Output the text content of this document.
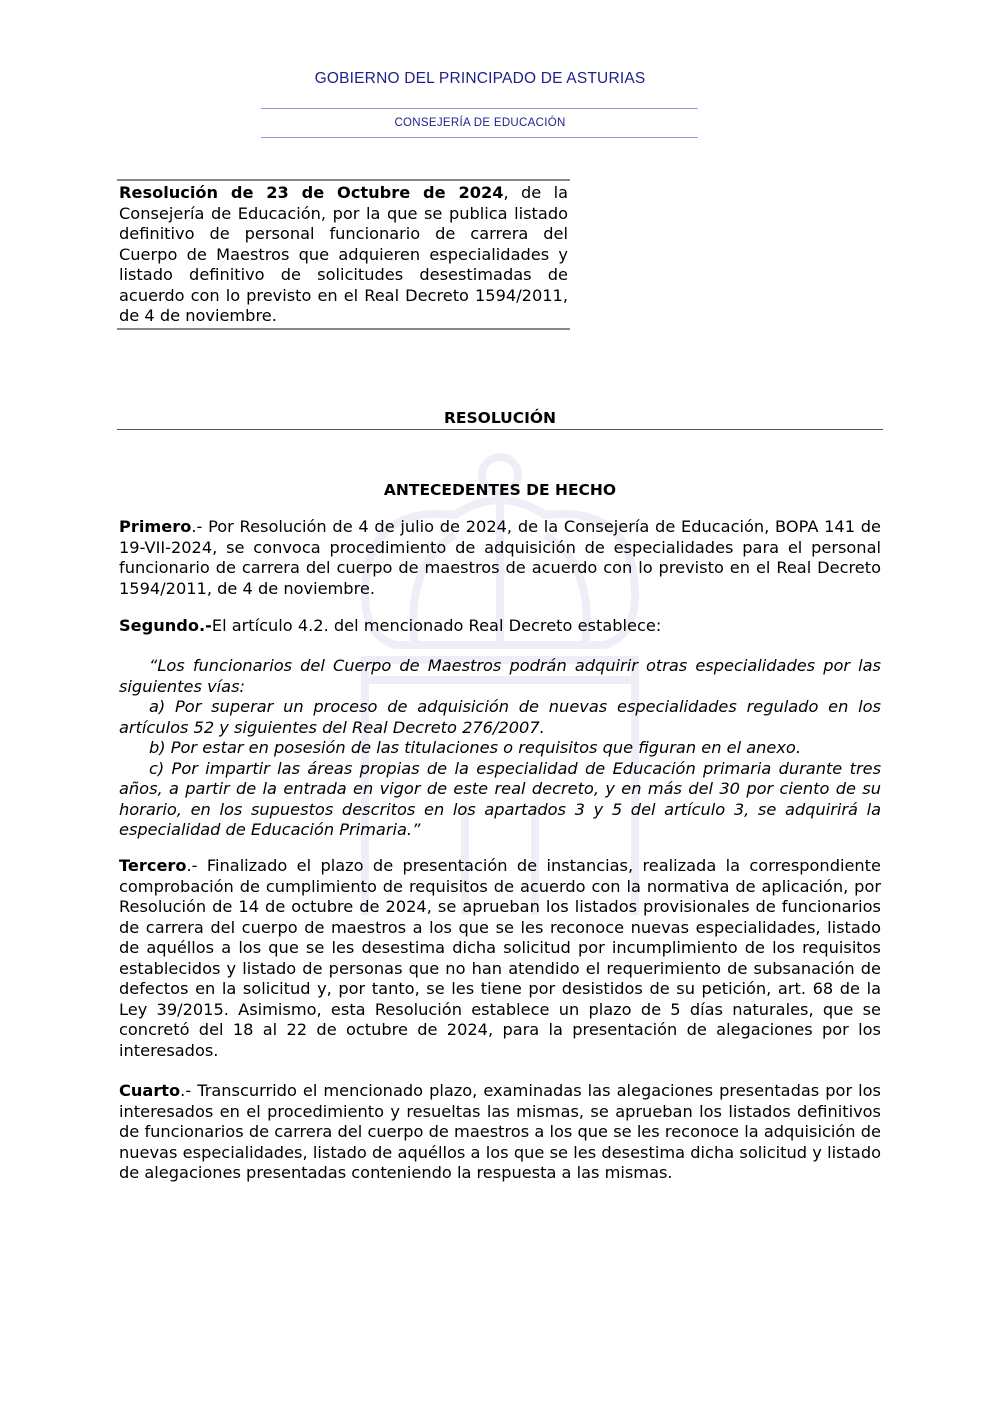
GOBIERNO DEL PRINCIPADO DE ASTURIAS
CONSEJERÍA DE EDUCACIÓN

Resolución de 23 de Octubre de 2024, de la Consejería de Educación, por la que se publica listado definitivo de personal funcionario de carrera del Cuerpo de Maestros que adquieren especialidades y listado definitivo de solicitudes desestimadas de acuerdo con lo previsto en el Real Decreto 1594/2011, de 4 de noviembre.

RESOLUCIÓN
ANTECEDENTES DE HECHO

Primero.- Por Resolución de 4 de julio de 2024, de la Consejería de Educación, BOPA 141 de 19-VII-2024, se convoca procedimiento de adquisición de especialidades para el personal funcionario de carrera del cuerpo de maestros de acuerdo con lo previsto en el Real Decreto 1594/2011, de 4 de noviembre.

Segundo.-El artículo 4.2. del mencionado Real Decreto establece:

“Los funcionarios del Cuerpo de Maestros podrán adquirir otras especialidades por las siguientes vías:
a) Por superar un proceso de adquisición de nuevas especialidades regulado en los artículos 52 y siguientes del Real Decreto 276/2007.
b) Por estar en posesión de las titulaciones o requisitos que figuran en el anexo.
c) Por impartir las áreas propias de la especialidad de Educación primaria durante tres años, a partir de la entrada en vigor de este real decreto, y en más del 30 por ciento de su horario, en los supuestos descritos en los apartados 3 y 5 del artículo 3, se adquirirá la especialidad de Educación Primaria.”

Tercero.- Finalizado el plazo de presentación de instancias, realizada la correspondiente comprobación de cumplimiento de requisitos de acuerdo con la normativa de aplicación, por Resolución de 14 de octubre de 2024, se aprueban los listados provisionales de funcionarios de carrera del cuerpo de maestros a los que se les reconoce nuevas especialidades, listado de aquéllos a los que se les desestima dicha solicitud por incumplimiento de los requisitos establecidos y listado de personas que no han atendido el requerimiento de subsanación de defectos en la solicitud y, por tanto, se les tiene por desistidos de su petición, art. 68 de la Ley 39/2015. Asimismo, esta Resolución establece un plazo de 5 días naturales, que se concretó del 18 al 22 de octubre de 2024, para la presentación de alegaciones por los interesados.

Cuarto.- Transcurrido el mencionado plazo, examinadas las alegaciones presentadas por los interesados en el procedimiento y resueltas las mismas, se aprueban los listados definitivos de funcionarios de carrera del cuerpo de maestros a los que se les reconoce la adquisición de nuevas especialidades, listado de aquéllos a los que se les desestima dicha solicitud y listado de alegaciones presentadas conteniendo la respuesta a las mismas.
